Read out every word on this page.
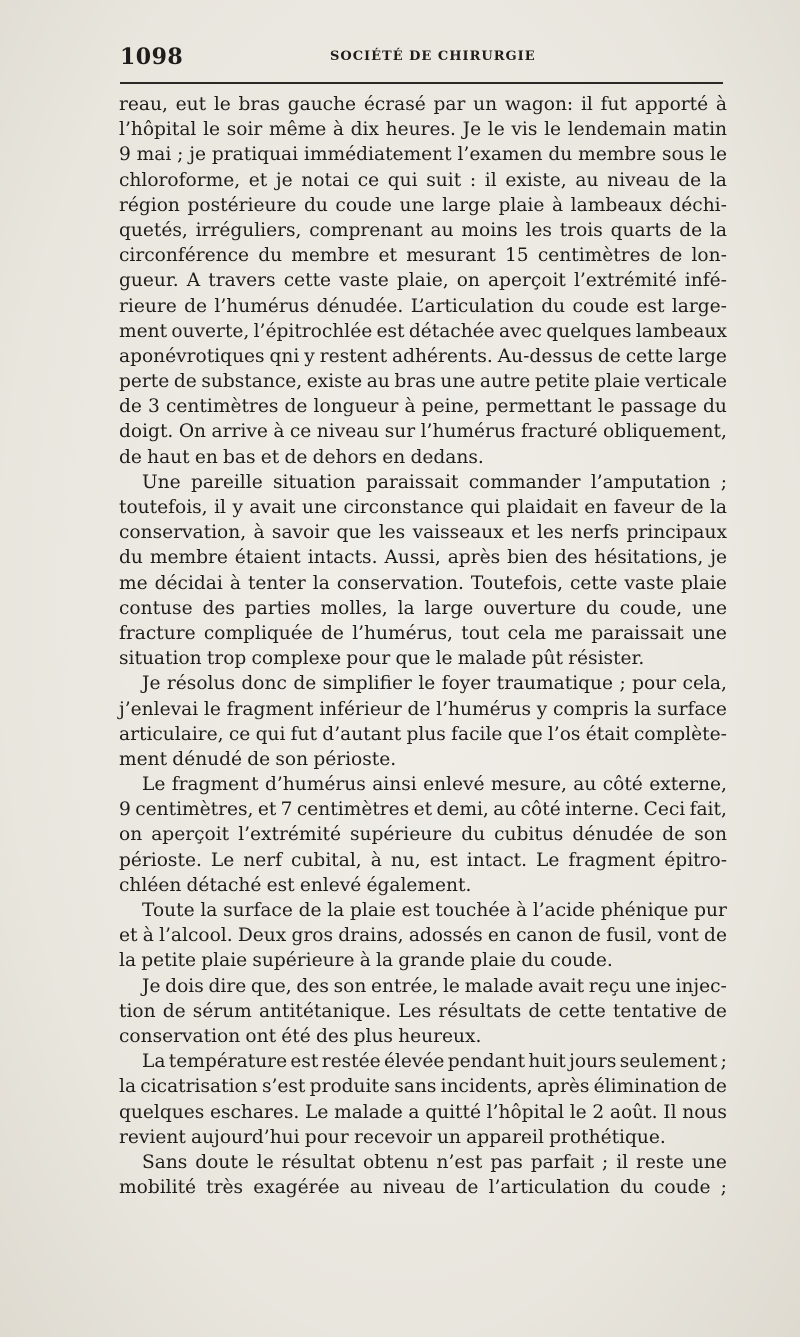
1098	SOCIÉTÉ DE CHIRURGIE
reau, eut le bras gauche écrasé par un wagon: il fut apporté à
l’hôpital le soir même à dix heures. Je le vis le lendemain matin
9 mai ; je pratiquai immédiatement l’examen du membre sous le
chloroforme, et je notai ce qui suit : il existe, au niveau de la
région postérieure du coude une large plaie à lambeaux déchi-
quetés, irréguliers, comprenant au moins les trois quarts de la
circonférence du membre et mesurant 15 centimètres de lon-
gueur. A travers cette vaste plaie, on aperçoit l’extrémité infé-
rieure de l’humérus dénudée. L’articulation du coude est large-
ment ouverte, l’épitrochlée est détachée avec quelques lambeaux
aponévrotiques qni y restent adhérents. Au-dessus de cette large
perte de substance, existe au bras une autre petite plaie verticale
de 3 centimètres de longueur à peine, permettant le passage du
doigt. On arrive à ce niveau sur l’humérus fracturé obliquement,
de haut en bas et de dehors en dedans.
Une pareille situation paraissait commander l’amputation ;
toutefois, il y avait une circonstance qui plaidait en faveur de la
conservation, à savoir que les vaisseaux et les nerfs principaux
du membre étaient intacts. Aussi, après bien des hésitations, je
me décidai à tenter la conservation. Toutefois, cette vaste plaie
contuse des parties molles, la large ouverture du coude, une
fracture compliquée de l’humérus, tout cela me paraissait une
situation trop complexe pour que le malade pût résister.
Je résolus donc de simplifier le foyer traumatique ; pour cela,
j’enlevai le fragment inférieur de l’humérus y compris la surface
articulaire, ce qui fut d’autant plus facile que l’os était complète-
ment dénudé de son périoste.
Le fragment d’humérus ainsi enlevé mesure, au côté externe,
9 centimètres, et 7 centimètres et demi, au côté interne. Ceci fait,
on aperçoit l’extrémité supérieure du cubitus dénudée de son
périoste. Le nerf cubital, à nu, est intact. Le fragment épitro-
chléen détaché est enlevé également.
Toute la surface de la plaie est touchée à l’acide phénique pur
et à l’alcool. Deux gros drains, adossés en canon de fusil, vont de
la petite plaie supérieure à la grande plaie du coude.
Je dois dire que, des son entrée, le malade avait reçu une injec-
tion de sérum antitétanique. Les résultats de cette tentative de
conservation ont été des plus heureux.
La température est restée élevée pendant huit jours seulement ;
la cicatrisation s’est produite sans incidents, après élimination de
quelques eschares. Le malade a quitté l’hôpital le 2 août. Il nous
revient aujourd’hui pour recevoir un appareil prothétique.
Sans doute le résultat obtenu n’est pas parfait ; il reste une
mobilité très exagérée au niveau de l’articulation du coude ;
